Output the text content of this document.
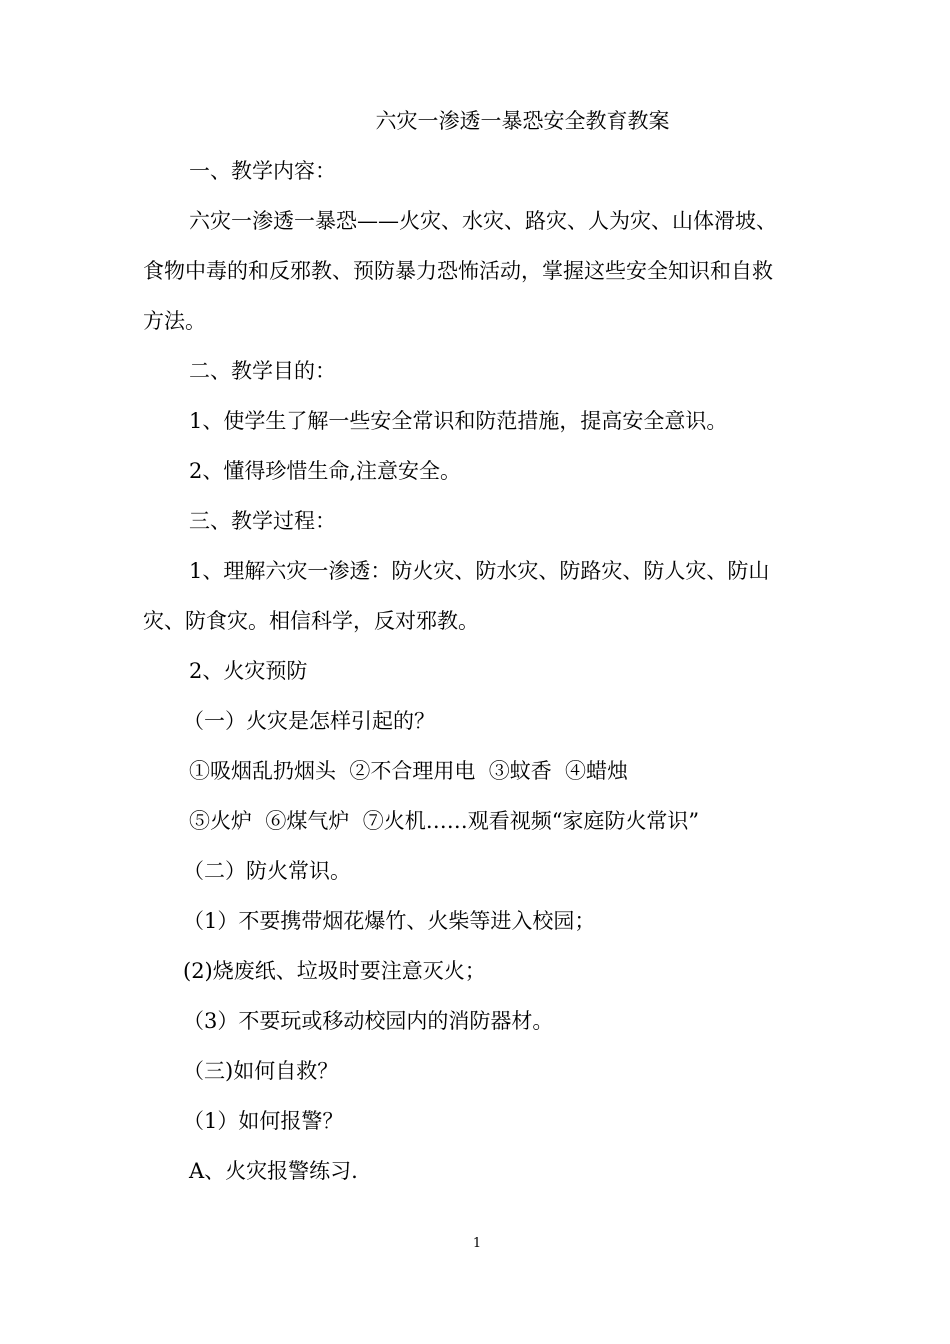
六灾一渗透一暴恐安全教育教案
一、教学内容：
六灾一渗透一暴恐——火灾、水灾、路灾、人为灾、山体滑坡、
食物中毒的和反邪教、预防暴力恐怖活动，掌握这些安全知识和自救
方法。
二、教学目的：
1、使学生了解一些安全常识和防范措施，提高安全意识。
2、懂得珍惜生命,注意安全。
三、教学过程：
1、理解六灾一渗透：防火灾、防水灾、防路灾、防人灾、防山
灾、防食灾。相信科学，反对邪教。
2、火灾预防
（一）火灾是怎样引起的？
①吸烟乱扔烟头  ②不合理用电  ③蚊香  ④蜡烛
⑤火炉  ⑥煤气炉  ⑦火机……观看视频“家庭防火常识”
（二）防火常识。
（1）不要携带烟花爆竹、火柴等进入校园；
(2)烧废纸、垃圾时要注意灭火；
（3）不要玩或移动校园内的消防器材。
（三)如何自救？
（1）如何报警？
A、火灾报警练习.
1
